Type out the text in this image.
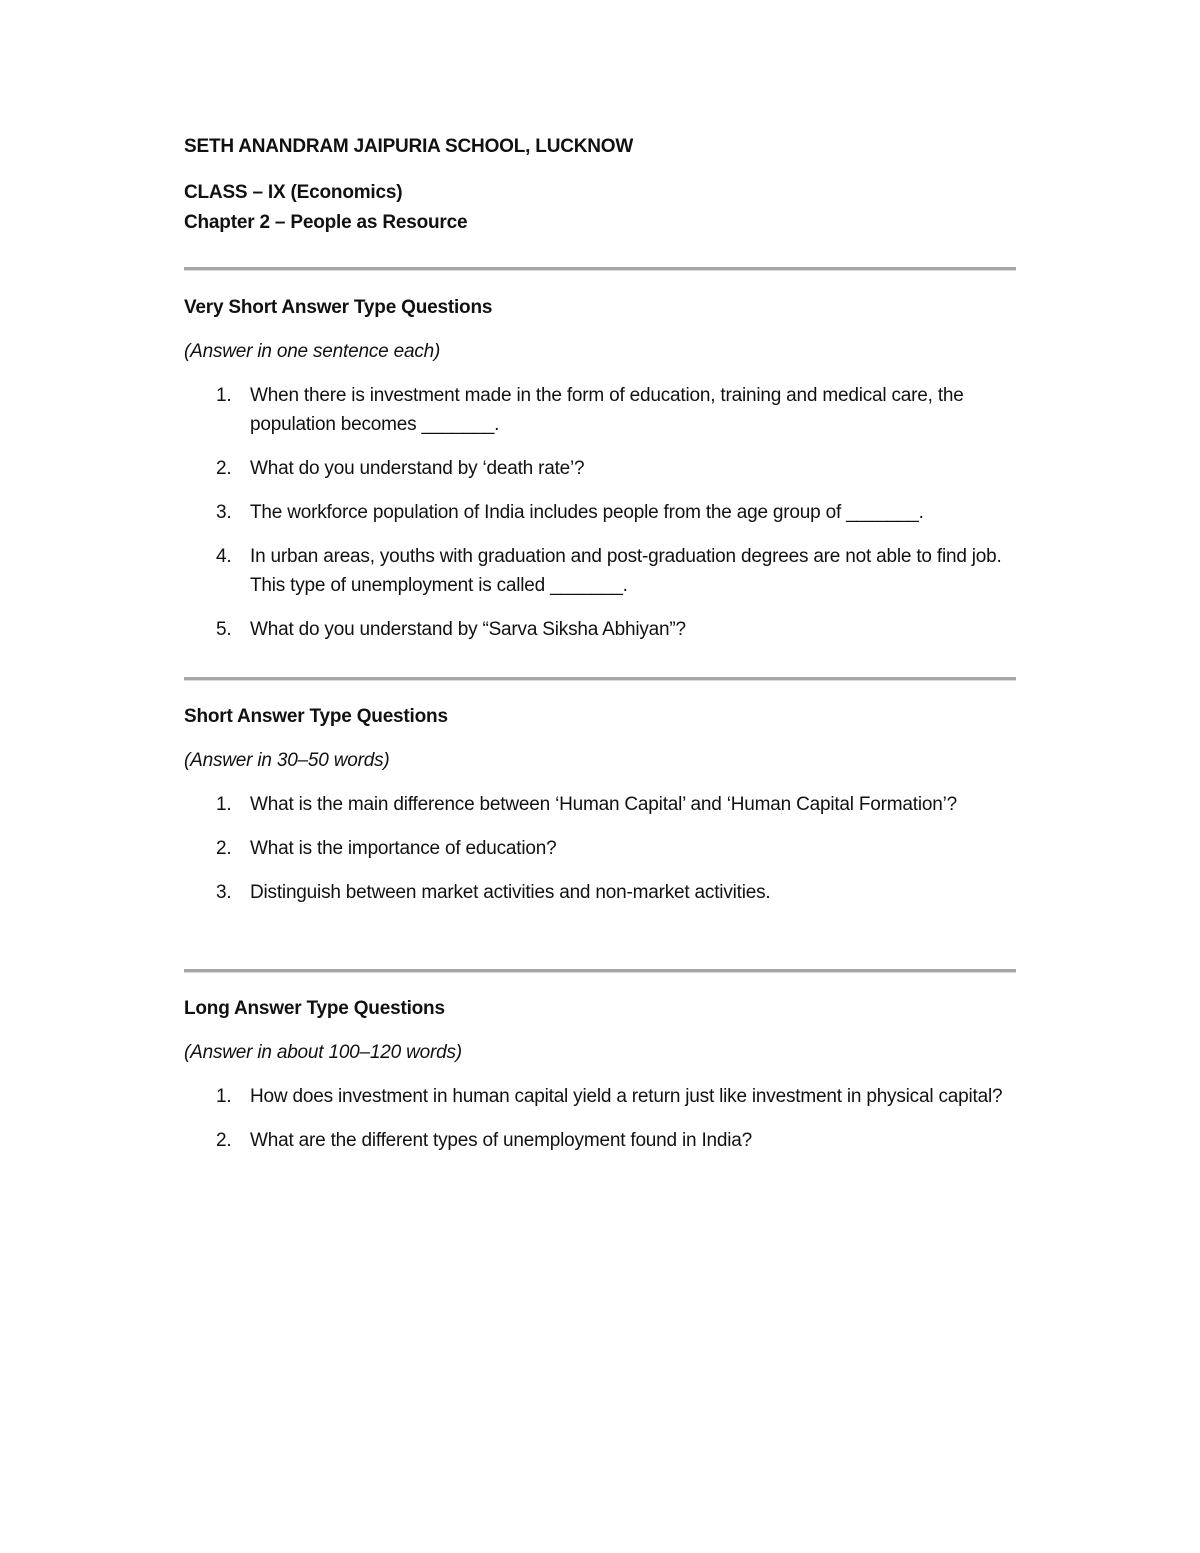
SETH ANANDRAM JAIPURIA SCHOOL, LUCKNOW

CLASS – IX (Economics)

Chapter 2 – People as Resource

Very Short Answer Type Questions

(Answer in one sentence each)

1. When there is investment made in the form of education, training and medical care, the population becomes _______.
2. What do you understand by ‘death rate’?
3. The workforce population of India includes people from the age group of _______.
4. In urban areas, youths with graduation and post-graduation degrees are not able to find job. This type of unemployment is called _______.
5. What do you understand by “Sarva Siksha Abhiyan”?

Short Answer Type Questions

(Answer in 30–50 words)

1. What is the main difference between ‘Human Capital’ and ‘Human Capital Formation’?
2. What is the importance of education?
3. Distinguish between market activities and non-market activities.

Long Answer Type Questions

(Answer in about 100–120 words)

1. How does investment in human capital yield a return just like investment in physical capital?
2. What are the different types of unemployment found in India?
